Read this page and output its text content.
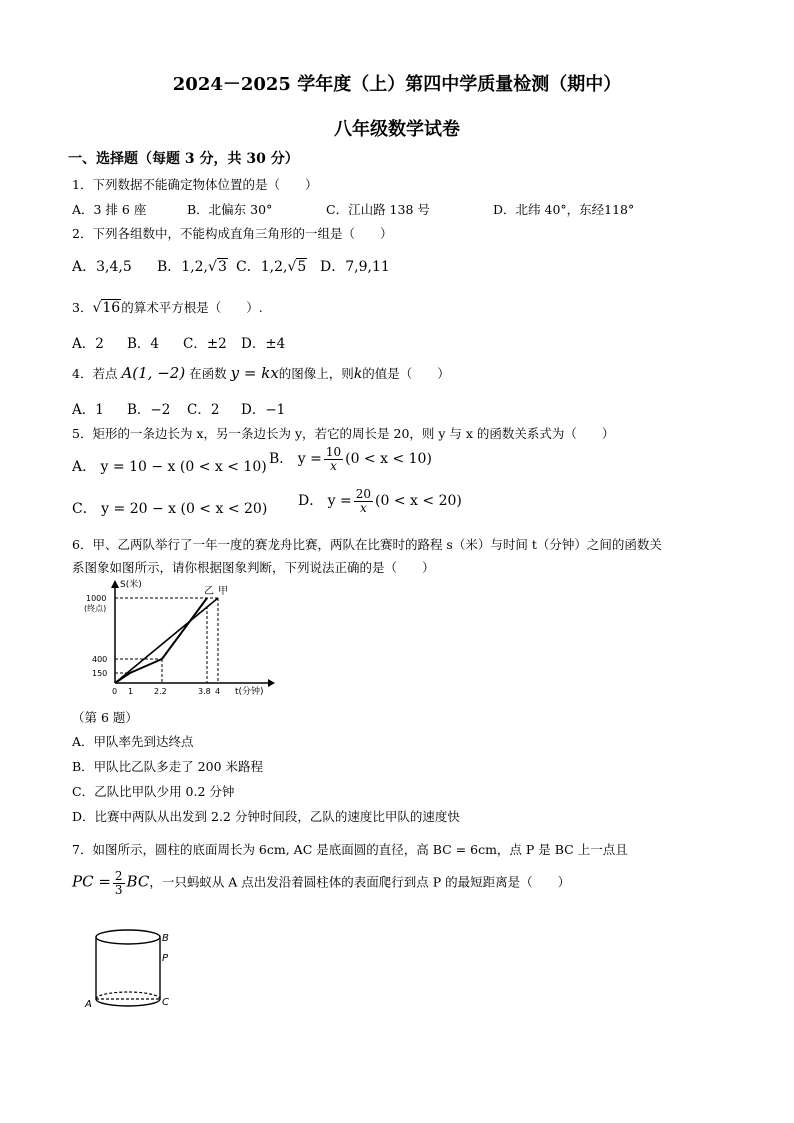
2024－2025 学年度（上）第四中学质量检测（期中）
八年级数学试卷
一、选择题（每题 3 分，共 30 分）
1．下列数据不能确定物体位置的是（　　）
A．3 排 6 座	B．北偏东 30°	C．江山路 138 号	D．北纬 40°，东经118°
2．下列各组数中，不能构成直角三角形的一组是（　　）
A．3,4,5 B．1,2,√3 C．1,2,√5 D．7,9,11
3．√16的算术平方根是（　　）.
A．2 B．4 C．±2 D．±4
4．若点 A(1, −2) 在函数 y = kx的图像上，则k的值是（　　）
A．1 B．−2 C．2 D．−1
5．矩形的一条边长为 x，另一条边长为 y，若它的周长是 20，则 y 与 x 的函数关系式为（　　）
A． y = 10 − x (0 < x < 10) B． $y = \frac{10}{x} (0 < x < 10)$
C． y = 20 − x (0 < x < 20) D． $y = \frac{20}{x} (0 < x < 20)$
6．甲、乙两队举行了一年一度的赛龙舟比赛，两队在比赛时的路程 s（米）与时间 t（分钟）之间的函数关
系图象如图所示，请你根据图象判断，下列说法正确的是（　　）
S(米)
t(分钟)
1000
(终点)
400
150
0 1	2.2	3.8 4
乙 甲
（第 6 题）
A．甲队率先到达终点
B．甲队比乙队多走了 200 米路程
C．乙队比甲队少用 0.2 分钟
D．比赛中两队从出发到 2.2 分钟时间段，乙队的速度比甲队的速度快
7．如图所示，圆柱的底面周长为 6cm, AC 是底面圆的直径，高 BC = 6cm，点 P 是 BC 上一点且
PC = $\frac{2}{3}$ BC，一只蚂蚁从 A 点出发沿着圆柱体的表面爬行到点 P 的最短距离是（　　）
A
B
C
P
